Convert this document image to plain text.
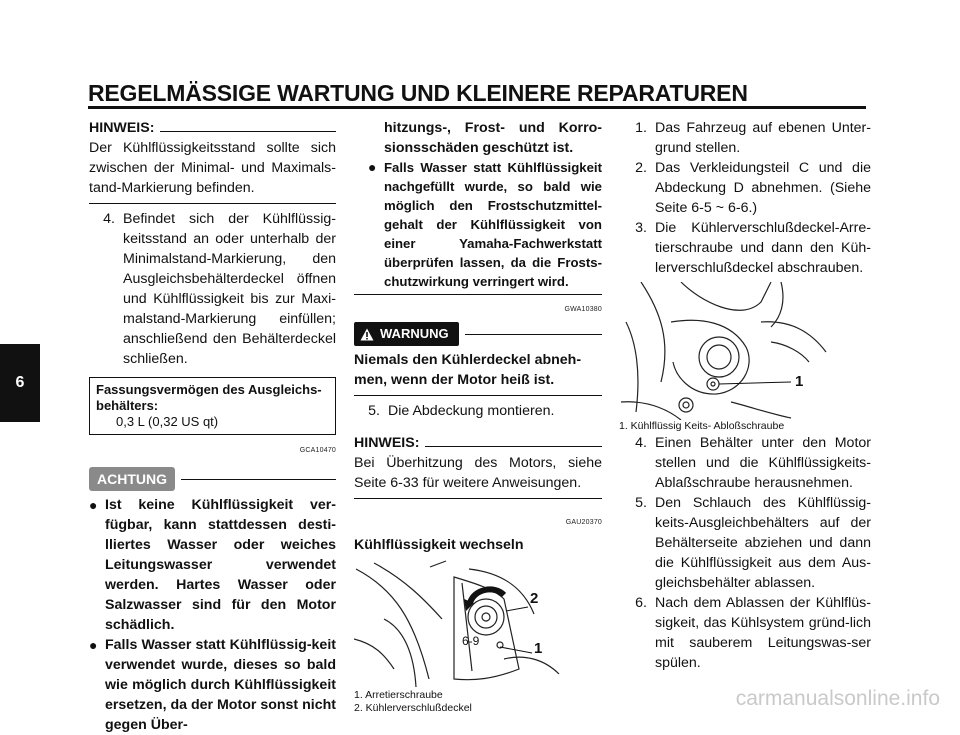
REGELMÄSSIGE WARTUNG UND KLEINERE REPARATUREN
6
HINWEIS:
Der Kühlflüssigkeitsstand sollte sich zwischen der Minimal- und Maximals-tand-Markierung befinden.
4. Befindet sich der Kühlflüssig-keitsstand an oder unterhalb der Minimalstand-Markierung, den Ausgleichsbehälterdeckel öffnen und Kühlflüssigkeit bis zur Maxi-malstand-Markierung einfüllen; anschließend den Behälterdeckel schließen.
Fassungsvermögen des Ausgleichs-behälters:
0,3 L (0,32 US qt)
GCA10470
ACHTUNG
● Ist keine Kühlflüssigkeit ver-fügbar, kann stattdessen desti-lliertes Wasser oder weiches Leitungswasser verwendet werden. Hartes Wasser oder Salzwasser sind für den Motor schädlich.
● Falls Wasser statt Kühlflüssig-keit verwendet wurde, dieses so bald wie möglich durch Kühlflüssigkeit ersetzen, da der Motor sonst nicht gegen Über-
hitzungs-, Frost- und Korro-sionsschäden geschützt ist.
● Falls Wasser statt Kühlflüssigkeit nachgefüllt wurde, so bald wie möglich den Frostschutzmittel-gehalt der Kühlflüssigkeit von einer Yamaha-Fachwerkstatt überprüfen lassen, da die Frosts-chutzwirkung verringert wird.
GWA10380
WARNUNG
Niemals den Kühlerdeckel abneh-men, wenn der Motor heiß ist.
5. Die Abdeckung montieren.
HINWEIS:
Bei Überhitzung des Motors, siehe Seite 6-33 für weitere Anweisungen.
GAU20370
Kühlflüssigkeit wechseln
2
1
1. Arretierschraube
2. Kühlerverschlußdeckel
1. Das Fahrzeug auf ebenen Unter-grund stellen.
2. Das Verkleidungsteil C und die Abdeckung D abnehmen. (Siehe Seite 6-5 ~ 6-6.)
3. Die Kühlerverschlußdeckel-Arre-tierschraube und dann den Küh-lerverschlußdeckel abschrauben.
1
1. Kühlflüssig Keits- Abloßschraube
4. Einen Behälter unter den Motor stellen und die Kühlflüssigkeits-Ablaßschraube herausnehmen.
5. Den Schlauch des Kühlflüssig-keits-Ausgleichbehälters auf der Behälterseite abziehen und dann die Kühlflüssigkeit aus dem Aus-gleichsbehälter ablassen.
6. Nach dem Ablassen der Kühlflüs-sigkeit, das Kühlsystem gründ-lich mit sauberem Leitungswas-ser spülen.
6-9
carmanualsonline.info
